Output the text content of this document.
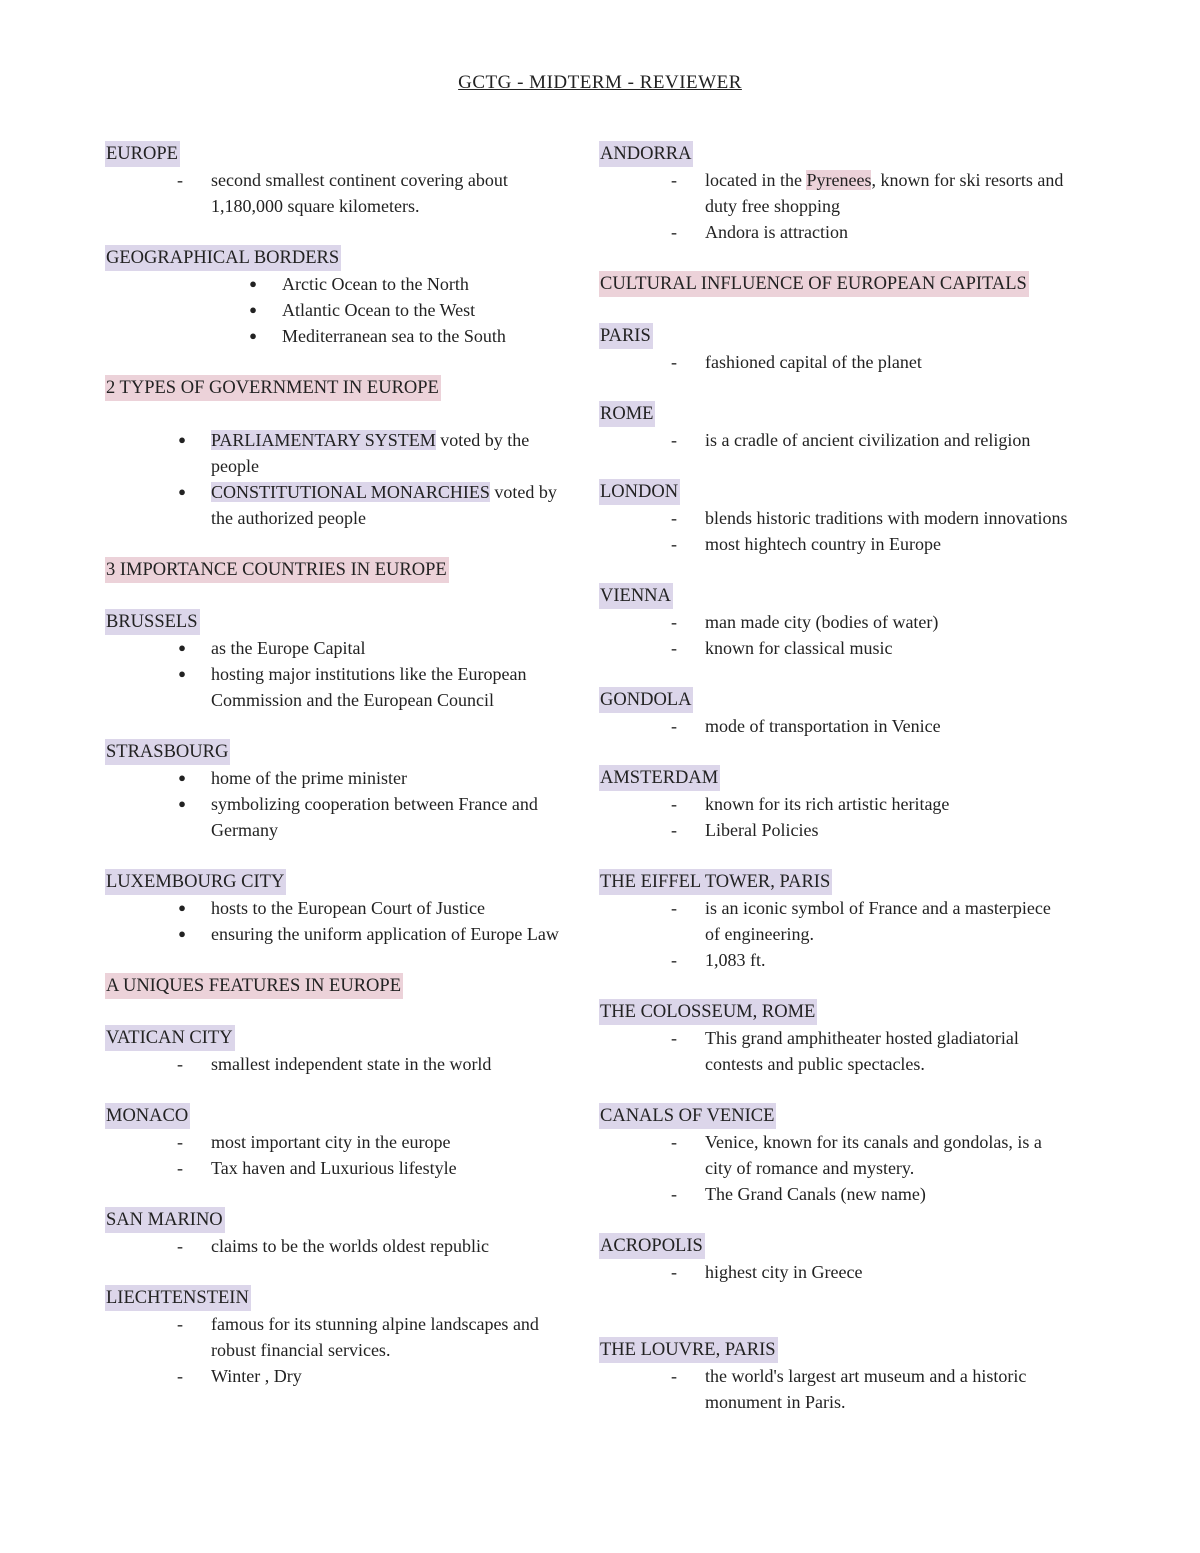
GCTG - MIDTERM - REVIEWER
EUROPE
- second smallest continent covering about 1,180,000 square kilometers.
GEOGRAPHICAL BORDERS
● Arctic Ocean to the North
● Atlantic Ocean to the West
● Mediterranean sea to the South
2 TYPES OF GOVERNMENT IN EUROPE
● PARLIAMENTARY SYSTEM voted by the people
● CONSTITUTIONAL MONARCHIES voted by the authorized people
3 IMPORTANCE COUNTRIES IN EUROPE
BRUSSELS
● as the Europe Capital
● hosting major institutions like the European Commission and the European Council
STRASBOURG
● home of the prime minister
● symbolizing cooperation between France and Germany
LUXEMBOURG CITY
● hosts to the European Court of Justice
● ensuring the uniform application of Europe Law
A UNIQUES FEATURES IN EUROPE
VATICAN CITY
- smallest independent state in the world
MONACO
- most important city in the europe
- Tax haven and Luxurious lifestyle
SAN MARINO
- claims to be the worlds oldest republic
LIECHTENSTEIN
- famous for its stunning alpine landscapes and robust financial services.
- Winter , Dry
ANDORRA
- located in the Pyrenees, known for ski resorts and duty free shopping
- Andora is attraction
CULTURAL INFLUENCE OF EUROPEAN CAPITALS
PARIS
- fashioned capital of the planet
ROME
- is a cradle of ancient civilization and religion
LONDON
- blends historic traditions with modern innovations
- most hightech country in Europe
VIENNA
- man made city (bodies of water)
- known for classical music
GONDOLA
- mode of transportation in Venice
AMSTERDAM
- known for its rich artistic heritage
- Liberal Policies
THE EIFFEL TOWER, PARIS
- is an iconic symbol of France and a masterpiece of engineering.
- 1,083 ft.
THE COLOSSEUM, ROME
- This grand amphitheater hosted gladiatorial contests and public spectacles.
CANALS OF VENICE
- Venice, known for its canals and gondolas, is a city of romance and mystery.
- The Grand Canals (new name)
ACROPOLIS
- highest city in Greece
THE LOUVRE, PARIS
- the world's largest art museum and a historic monument in Paris.
